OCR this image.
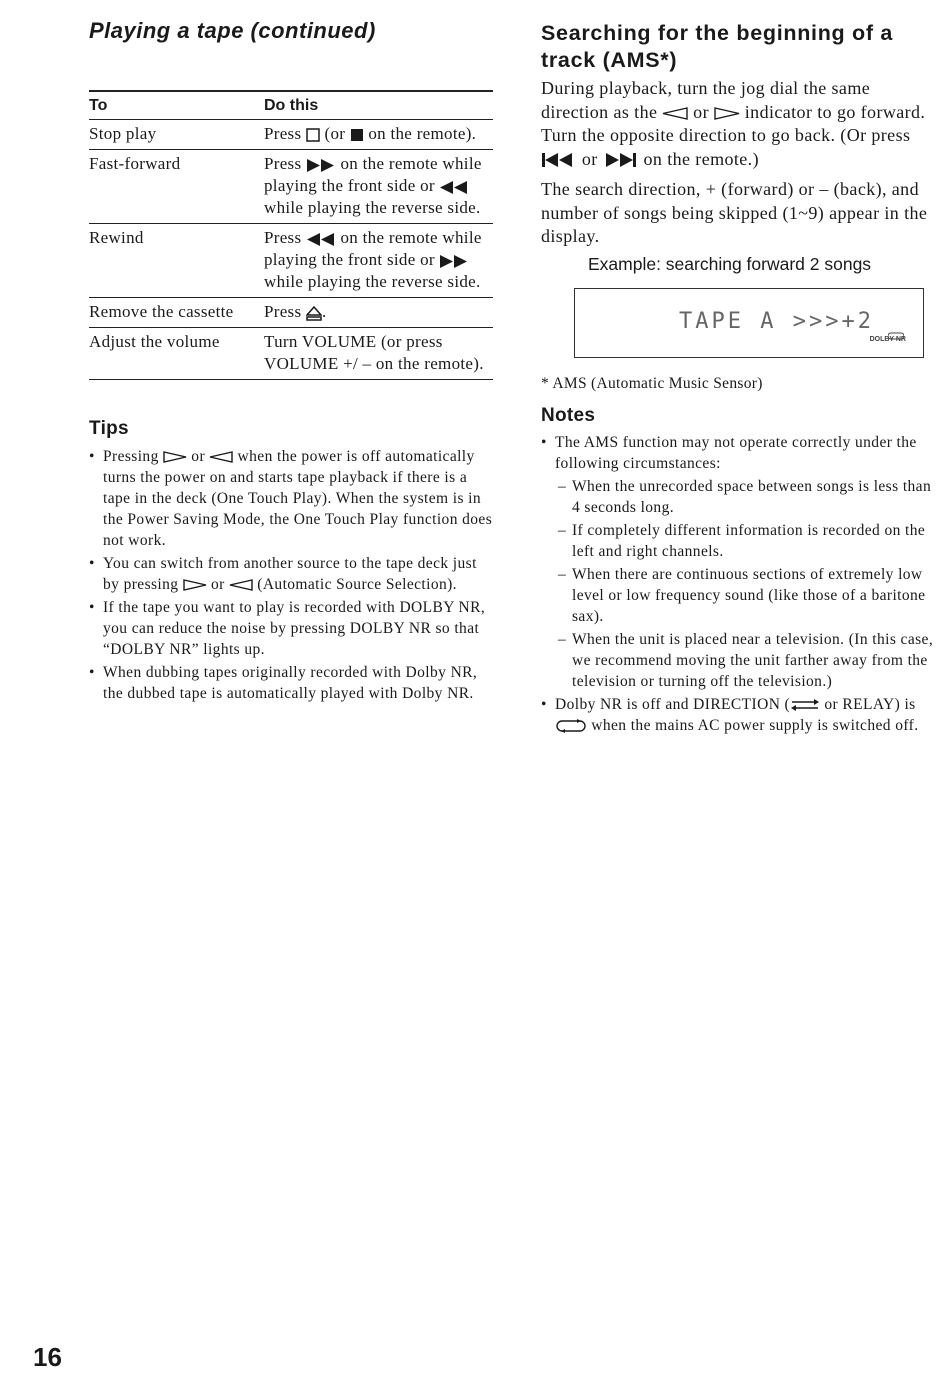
Playing a tape (continued)
To	Do this
Stop play	Press
(or
on the remote).
Fast-forward	Press
on the remote while playing the front side or
while playing the reverse side.
Rewind	Press
on the remote while playing the front side or
while playing the reverse side.
Remove the cassette	Press
.
Adjust the volume	Turn VOLUME (or press VOLUME +/ – on the remote).
Tips
• Pressing
or
when the power is off automatically turns the power on and starts tape playback if there is a tape in the deck (One Touch Play). When the system is in the Power Saving Mode, the One Touch Play function does not work.
• You can switch from another source to the tape deck just by pressing
or
(Automatic Source Selection).
• If the tape you want to play is recorded with DOLBY NR, you can reduce the noise by pressing DOLBY NR so that “DOLBY NR” lights up.
• When dubbing tapes originally recorded with Dolby NR, the dubbed tape is automatically played with Dolby NR.
Searching for the beginning of a track (AMS*)

During playback, turn the jog dial the same direction as the
or
indicator to go forward. Turn the opposite direction to go back. (Or press
or
on the remote.)

The search direction, + (forward) or – (back), and number of songs being skipped (1~9) appear in the display.

Example: searching forward 2 songs
TAPE A >>>+2
DOLBY NR

* AMS (Automatic Music Sensor)

Notes
• The AMS function may not operate correctly under the following circumstances:
– When the unrecorded space between songs is less than 4 seconds long.
– If completely different information is recorded on the left and right channels.
– When there are continuous sections of extremely low level or low frequency sound (like those of a baritone sax).
– When the unit is placed near a television. (In this case, we recommend moving the unit farther away from the television or turning off the television.)
• Dolby NR is off and DIRECTION (
or RELAY) is
when the mains AC power supply is switched off.
16
